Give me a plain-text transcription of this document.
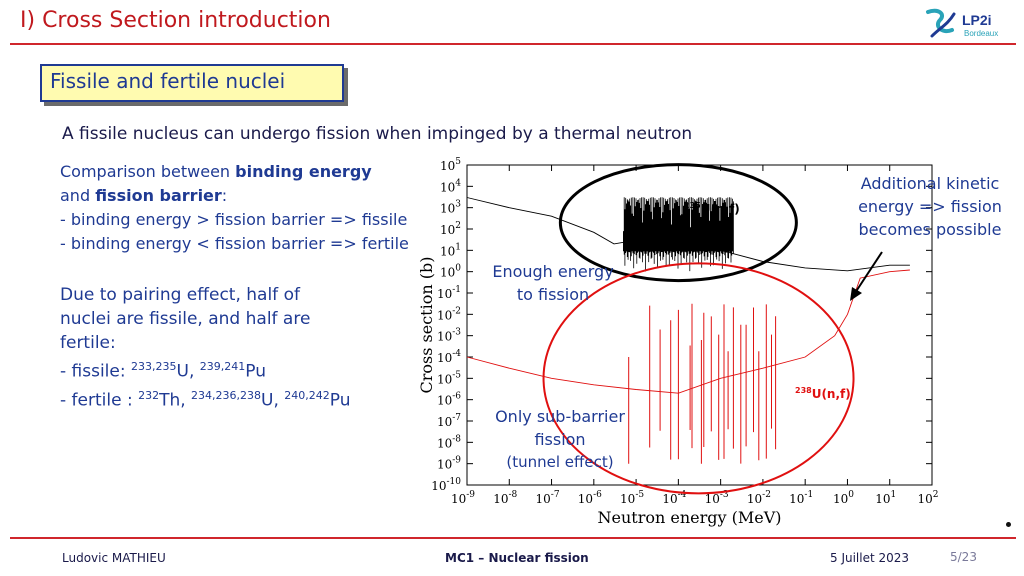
I) Cross Section introduction	LP2i
Bordeaux
Fissile and fertile nuclei
A fissile nucleus can undergo fission when impinged by a thermal neutron
Comparison between binding energy
and fission barrier:
- binding energy > fission barrier => fissile
- binding energy < fission barrier => fertile
Due to pairing effect, half of
nuclei are fissile, and half are
fertile:
- fissile: $^{233,235}$U, $^{239,241}$Pu
- fertile : $^{232}$Th, $^{234,236,238}$U, $^{240,242}$Pu
$10^{-10}$
$10^{-9}$
$10^{-8}$
$10^{-7}$
$10^{-6}$
$10^{-5}$
$10^{-4}$
$10^{-3}$
$10^{-2}$
$10^{-1}$
$10^0$
$10^1$
$10^2$
$10^3$
$10^4$
$10^5$
$10^{-9}$ $10^{-8}$ $10^{-7}$ $10^{-6}$ $10^{-5}$ $10^{-4}$ $10^{-3}$ $10^{-2}$ $10^{-1}$ $10^0$ $10^1$ $10^2$
Neutron energy (MeV)
Cross section (b)
$^{235}$U(n,f)
$^{238}$U(n,f)
Additional kinetic
energy => fission
becomes possible
Enough energy
to fission
Only sub-barrier
fission
(tunnel effect)
Ludovic MATHIEU	MC1 – Nuclear fission	5 Juillet 2023	5/23
